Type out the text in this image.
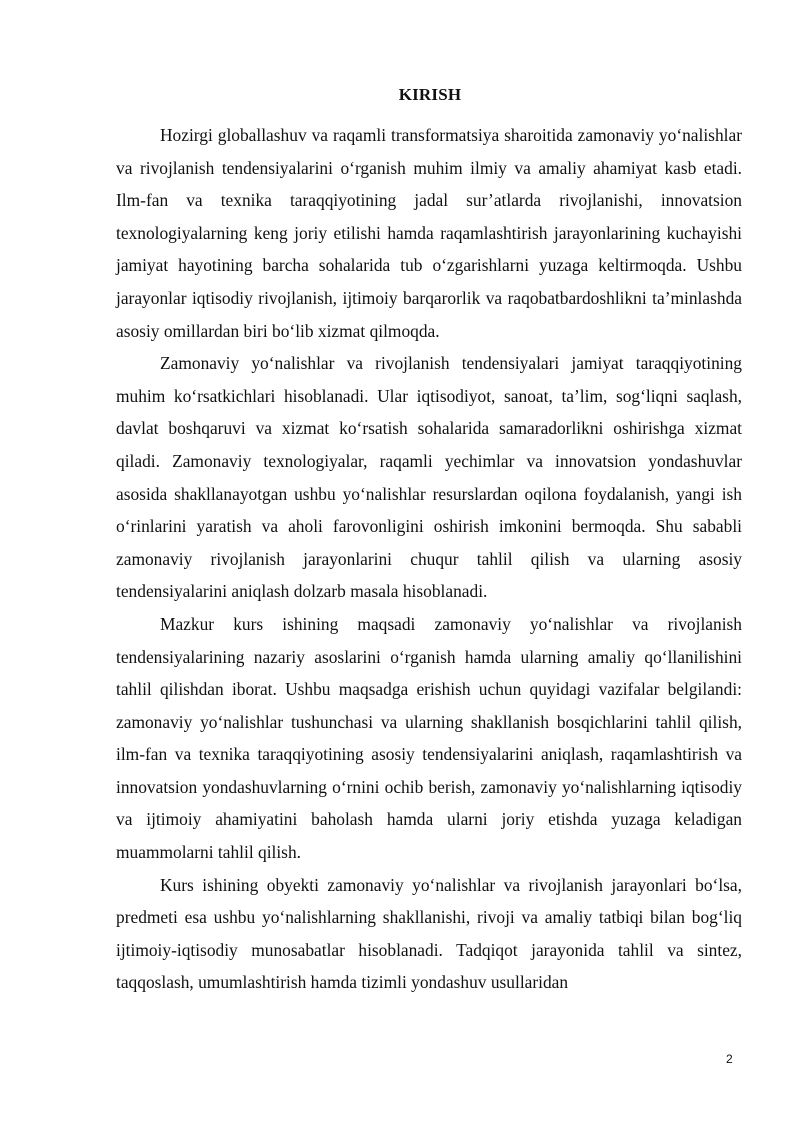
KIRISH

Hozirgi globallashuv va raqamli transformatsiya sharoitida zamonaviy yo‘nalishlar va rivojlanish tendensiyalarini o‘rganish muhim ilmiy va amaliy ahamiyat kasb etadi. Ilm-fan va texnika taraqqiyotining jadal sur’atlarda rivojlanishi, innovatsion texnologiyalarning keng joriy etilishi hamda raqamlashtirish jarayonlarining kuchayishi jamiyat hayotining barcha sohalarida tub o‘zgarishlarni yuzaga keltirmoqda. Ushbu jarayonlar iqtisodiy rivojlanish, ijtimoiy barqarorlik va raqobatbardoshlikni ta’minlashda asosiy omillardan biri bo‘lib xizmat qilmoqda.

Zamonaviy yo‘nalishlar va rivojlanish tendensiyalari jamiyat taraqqiyotining muhim ko‘rsatkichlari hisoblanadi. Ular iqtisodiyot, sanoat, ta’lim, sog‘liqni saqlash, davlat boshqaruvi va xizmat ko‘rsatish sohalarida samaradorlikni oshirishga xizmat qiladi. Zamonaviy texnologiyalar, raqamli yechimlar va innovatsion yondashuvlar asosida shakllanayotgan ushbu yo‘nalishlar resurslardan oqilona foydalanish, yangi ish o‘rinlarini yaratish va aholi farovonligini oshirish imkonini bermoqda. Shu sababli zamonaviy rivojlanish jarayonlarini chuqur tahlil qilish va ularning asosiy tendensiyalarini aniqlash dolzarb masala hisoblanadi.

Mazkur kurs ishining maqsadi zamonaviy yo‘nalishlar va rivojlanish tendensiyalarining nazariy asoslarini o‘rganish hamda ularning amaliy qo‘llanilishini tahlil qilishdan iborat. Ushbu maqsadga erishish uchun quyidagi vazifalar belgilandi: zamonaviy yo‘nalishlar tushunchasi va ularning shakllanish bosqichlarini tahlil qilish, ilm-fan va texnika taraqqiyotining asosiy tendensiyalarini aniqlash, raqamlashtirish va innovatsion yondashuvlarning o‘rnini ochib berish, zamonaviy yo‘nalishlarning iqtisodiy va ijtimoiy ahamiyatini baholash hamda ularni joriy etishda yuzaga keladigan muammolarni tahlil qilish.

Kurs ishining obyekti zamonaviy yo‘nalishlar va rivojlanish jarayonlari bo‘lsa, predmeti esa ushbu yo‘nalishlarning shakllanishi, rivoji va amaliy tatbiqi bilan bog‘liq ijtimoiy-iqtisodiy munosabatlar hisoblanadi. Tadqiqot jarayonida tahlil va sintez, taqqoslash, umumlashtirish hamda tizimli yondashuv usullaridan

2
